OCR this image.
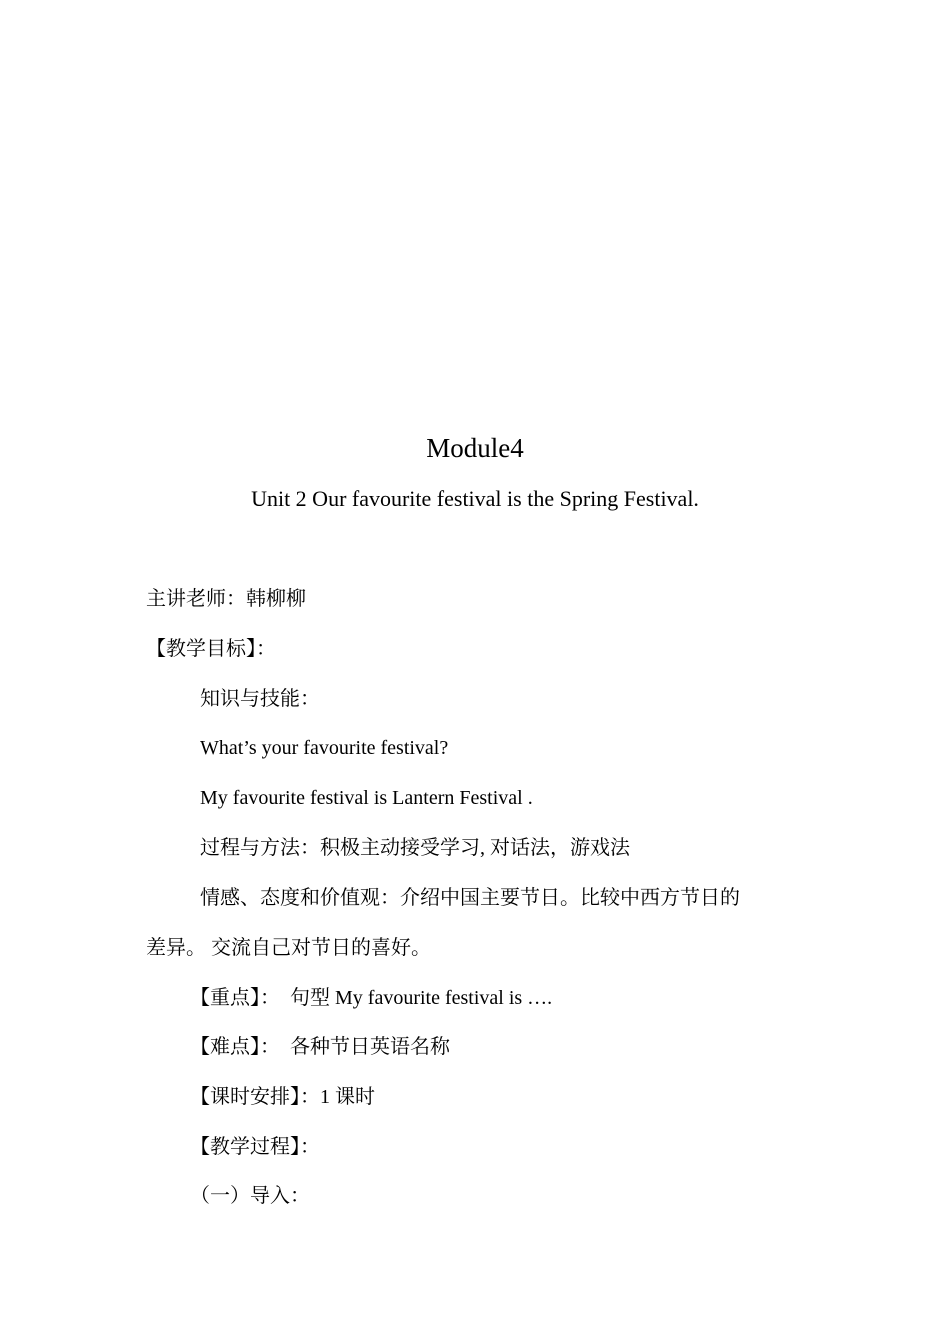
Module4
Unit 2 Our favourite festival is the Spring Festival.
主讲老师：韩柳柳
【教学目标】：
知识与技能：
What’s your favourite festival?
My favourite festival is Lantern Festival .
过程与方法：积极主动接受学习, 对话法，游戏法
情感、态度和价值观：介绍中国主要节日。比较中西方节日的
差异。 交流自己对节日的喜好。
【重点】： 句型 My favourite festival is ….
【难点】： 各种节日英语名称
【课时安排】：1 课时
【教学过程】：
（一）导入：
